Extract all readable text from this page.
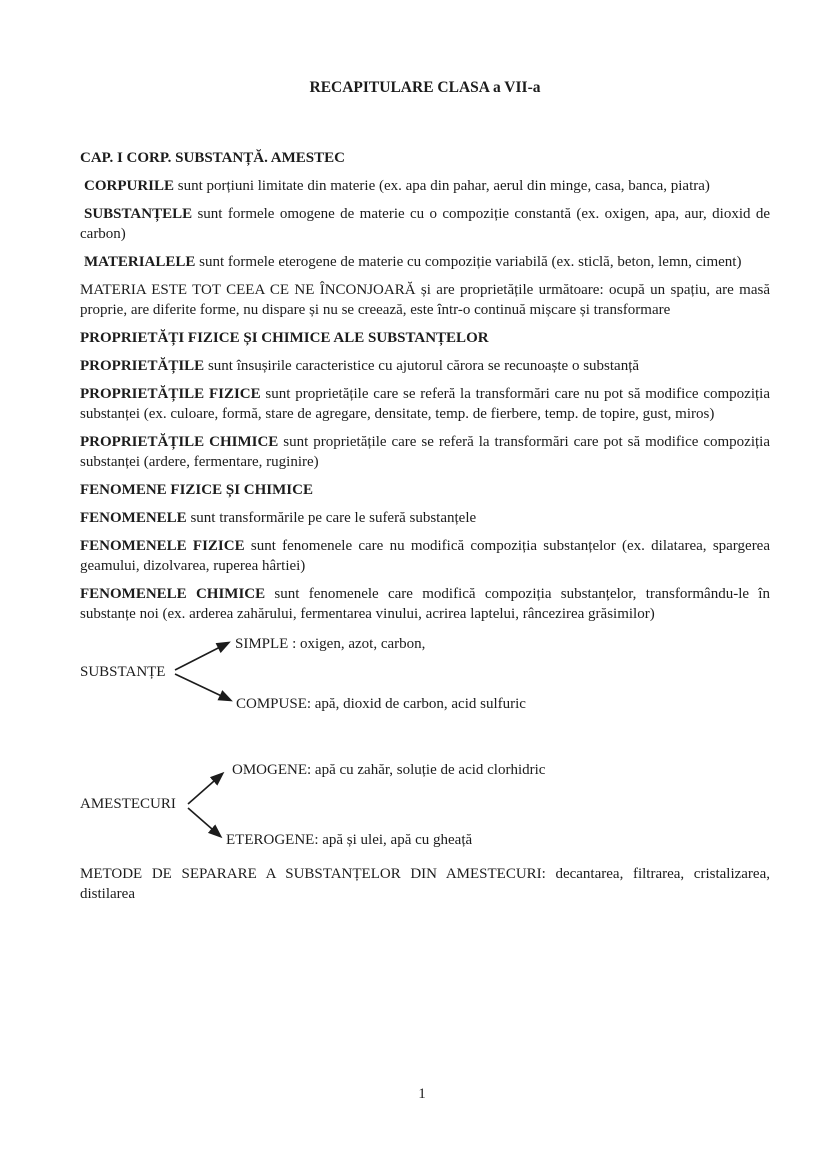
RECAPITULARE CLASA a VII-a
CAP. I CORP. SUBSTANȚĂ. AMESTEC

CORPURILE sunt porțiuni limitate din materie (ex. apa din pahar, aerul din minge, casa, banca, piatra)

SUBSTANȚELE sunt formele omogene de materie cu o compoziție constantă (ex. oxigen, apa, aur, dioxid de carbon)

MATERIALELE sunt formele eterogene de materie cu compoziție variabilă (ex. sticlă, beton, lemn, ciment)

MATERIA ESTE TOT CEEA CE NE ÎNCONJOARĂ și are proprietățile următoare: ocupă un spațiu, are masă proprie, are diferite forme, nu dispare și nu se creează, este într-o continuă mișcare și transformare

PROPRIETĂȚI FIZICE ȘI CHIMICE ALE SUBSTANȚELOR

PROPRIETĂȚILE sunt însușirile caracteristice cu ajutorul cărora se recunoaște o substanță

PROPRIETĂȚILE FIZICE sunt proprietățile care se referă la transformări care nu pot să modifice compoziția substanței (ex. culoare, formă, stare de agregare, densitate, temp. de fierbere, temp. de topire, gust, miros)

PROPRIETĂȚILE CHIMICE sunt proprietățile care se referă la transformări care pot să modifice compoziția substanței (ardere, fermentare, ruginire)

FENOMENE FIZICE ȘI CHIMICE

FENOMENELE sunt transformările pe care le suferă substanțele

FENOMENELE FIZICE sunt fenomenele care nu modifică compoziția substanțelor (ex. dilatarea, spargerea geamului, dizolvarea, ruperea hârtiei)

FENOMENELE CHIMICE sunt fenomenele care modifică compoziția substanțelor, transformându-le în substanțe noi (ex. arderea zahărului, fermentarea vinului, acrirea laptelui, râncezirea grăsimilor)

SUBSTANȚE
SIMPLE : oxigen, azot, carbon,
COMPUSE: apă, dioxid de carbon, acid sulfuric
AMESTECURI
OMOGENE: apă cu zahăr, soluție de acid clorhidric
ETEROGENE: apă și ulei, apă cu gheață

METODE DE SEPARARE A SUBSTANȚELOR DIN AMESTECURI: decantarea, filtrarea, cristalizarea, distilarea

1
